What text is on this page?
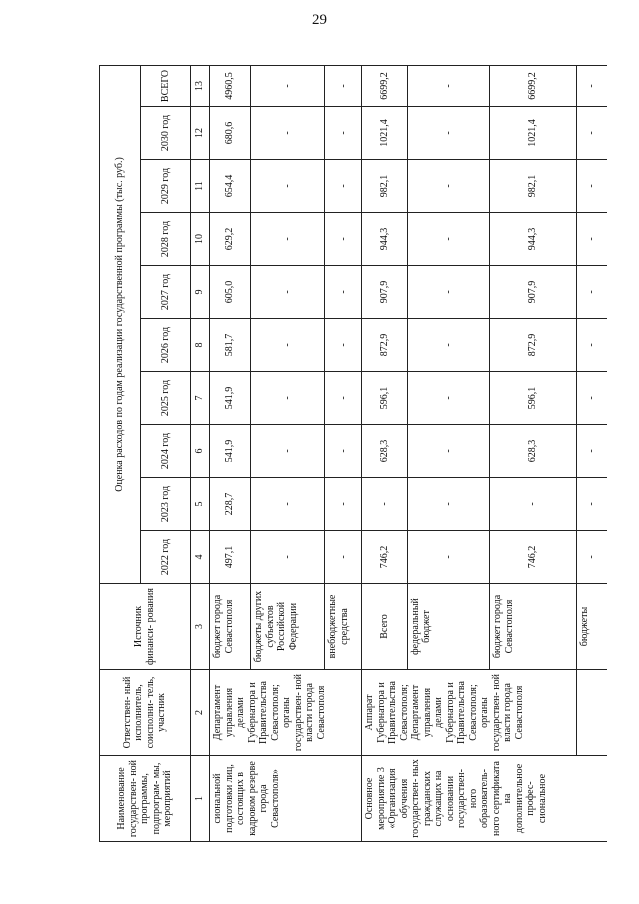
29
Наименование государствен- ной программы, подпрограм- мы, мероприятий	Ответствен- ный исполнитель, соисполни- тель, участник	Источник финанси- рования	Оценка расходов по годам реализации государственной программы (тыс. руб.)									
			2022 год	2023 год	2024 год	2025 год	2026 год	2027 год	2028 год	2029 год	2030 год	ВСЕГО
1	2	3	4	5	6	7	8	9	10	11	12	13
сиональной подготовки лиц, состоящих в кадровом резерве города Севастополя»	Департамент управления делами Губернатора и Правительства Севастополя; органы государствен- ной власти города Севастополя	бюджет города Севастополя	497,1	228,7	541,9	541,9	581,7	605,0	629,2	654,4	680,6	4960,5
		бюджеты других субъектов Российской Федерации	-	-	-	-	-	-	-	-	-	-
		внебюджетные средства	-	-	-	-	-	-	-	-	-	-
Основное мероприятие 3 «Организация обучения государствен- ных гражданских служащих на основании государствен- ного образователь- ного сертификата на дополнительное профес- сиональное	Аппарат Губернатора и Правительства Севастополя; Департамент управления делами Губернатора и Правительства Севастополя; органы государствен- ной власти города Севастополя	Всего	746,2	-	628,3	596,1	872,9	907,9	944,3	982,1	1021,4	6699,2
		федеральный бюджет	-	-	-	-	-	-	-	-	-	-
		бюджет города Севастополя	746,2	-	628,3	596,1	872,9	907,9	944,3	982,1	1021,4	6699,2
		бюджеты	-	-	-	-	-	-	-	-	-	-
